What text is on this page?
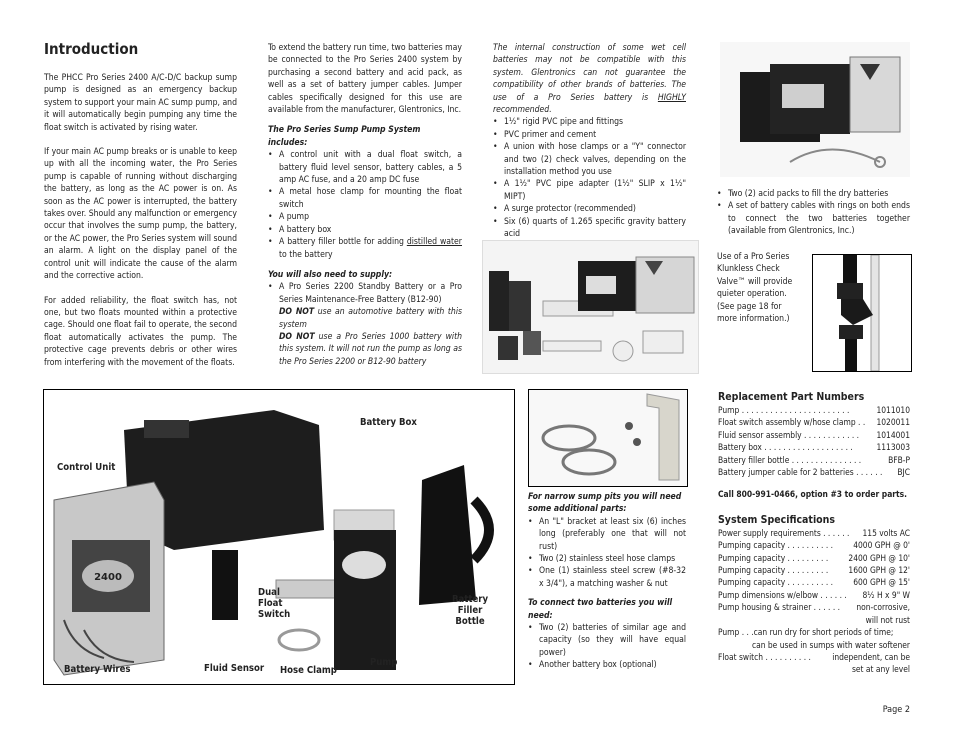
Introduction

The PHCC Pro Series 2400 A/C-D/C backup sump pump is designed as an emergency backup system to support your main AC sump pump, and it will automatically begin pumping any time the float switch is activated by rising water.

If your main AC pump breaks or is unable to keep up with all the incoming water, the Pro Series pump is capable of running without discharging the battery, as long as the AC power is on. As soon as the AC power is interrupted, the battery takes over. Should any malfunction or emergency occur that involves the sump pump, the battery, or the AC power, the Pro Series system will sound an alarm. A light on the display panel of the control unit will indicate the cause of the alarm and the corrective action.

For added reliability, the float switch has, not one, but two floats mounted within a protective cage. Should one float fail to operate, the second float automatically activates the pump. The protective cage prevents debris or other wires from interfering with the movement of the floats.

To extend the battery run time, two batteries may be connected to the Pro Series 2400 system by purchasing a second battery and acid pack, as well as a set of battery jumper cables. Jumper cables specifically designed for this use are available from the manufacturer, Glentronics, Inc.

The Pro Series Sump Pump System includes:
• A control unit with a dual float switch, a battery fluid level sensor, battery cables, a 5 amp AC fuse, and a 20 amp DC fuse
• A metal hose clamp for mounting the float switch
• A pump
• A battery box
• A battery filler bottle for adding distilled water to the battery
You will also need to supply:
• A Pro Series 2200 Standby Battery or a Pro Series Maintenance-Free Battery (B12-90)
DO NOT use an automotive battery with this system
DO NOT use a Pro Series 1000 battery with this system. It will not run the pump as long as the Pro Series 2200 or B12-90 battery

The internal construction of some wet cell batteries may not be compatible with this system. Glentronics can not guarantee the compatibility of other brands of batteries. The use of a Pro Series battery is HIGHLY recommended.

• 1½" rigid PVC pipe and fittings
• PVC primer and cement
• A union with hose clamps or a "Y" connector and two (2) check valves, depending on the installation method you use
• A 1½" PVC pipe adapter (1½" SLIP x 1½" MIPT)
• A surge protector (recommended)
• Six (6) quarts of 1.265 specific gravity battery acid
• Two (2) acid packs to fill the dry batteries
• A set of battery cables with rings on both ends to connect the two batteries together (available from Glentronics, Inc.)
Use of a Pro Series Klunkless Check Valve™ will provide quieter operation. (See page 18 for more information.)
2400
Battery Box
Control Unit
Dual
Float
Switch
Battery
Filler
Bottle
Battery Wires	Fluid Sensor Hose Clamp
Pump
For narrow sump pits you will need some additional parts:
• An "L" bracket at least six (6) inches long (preferably one that will not rust)
• Two (2) stainless steel hose clamps
• One (1) stainless steel screw (#8-32 x 3/4"), a matching washer & nut
To connect two batteries you will need:
• Two (2) batteries of similar age and capacity (so they will have equal power)
• Another battery box (optional)
Replacement Part Numbers
Pump . . . . . . . . . . . . . . . . . . . . . . .	1011010
Float switch assembly w/hose clamp . . 1020011
Fluid sensor assembly . . . . . . . . . . . . 1014001
Battery box . . . . . . . . . . . . . . . . . . .	1113003
Battery filler bottle . . . . . . . . . . . . . . .	BFB-P
Battery jumper cable for 2 batteries . . . . . . BJC
Call 800-991-0466, option #3 to order parts.
System Specifications
Power supply requirements . . . . . . 115 volts AC
Pumping capacity . . . . . . . . . . 4000 GPH @ 0'
Pumping capacity . . . . . . . . . 2400 GPH @ 10'
Pumping capacity . . . . . . . . . 1600 GPH @ 12'
Pumping capacity . . . . . . . . . . 600 GPH @ 15'
Pump dimensions w/elbow . . . . . . 8½ H x 9" W
Pump housing & strainer . . . . . . non-corrosive,
will not rust
Pump . . .can run dry for short periods of time;
can be used in sumps with water softener
Float switch . . . . . . . . . .	independent, can be
set at any level
Page 2
